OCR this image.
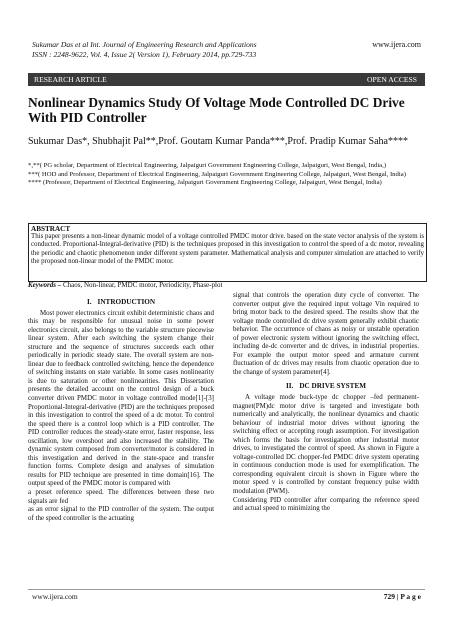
Sukumar Das et al Int. Journal of Engineering Research and Applications
ISSN : 2248-9622, Vol. 4, Issue 2( Version 1), February 2014, pp.729-733
www.ijera.com
RESEARCH ARTICLE	OPEN ACCESS
Nonlinear Dynamics Study Of Voltage Mode Controlled DC Drive With PID Controller
Sukumar Das*, Shubhajit Pal**,Prof. Goutam Kumar Panda***,Prof. Pradip Kumar Saha****
*,**( PG scholar, Department of Electrical Engineering, Jalpaiguri Government Engineering College, Jalpaiguri, West Bengal, India,)
***( HOD and Professor, Department of Electrical Engineering, Jalpaiguri Government Engineering College, Jalpaiguri, West Bengal, India)
**** (Professor, Department of Electrical Engineering, Jalpaiguri Government Engineering College, Jalpaiguri, West Bengal, India)
ABSTRACT
This paper presents a non-linear dynamic model of a voltage controlled PMDC motor drive. based on the state vector analysis of the system is conducted. Proportional-Integral-derivative (PID) is the techniques proposed in this investigation to control the speed of a dc motor, revealing the periodic and chaotic phenomenon under different system parameter. Mathematical analysis and computer simulation are attached to verify the proposed non-linear model of the PMDC motor.
Keywords – Chaos, Non-linear, PMDC motor, Periodicity, Phase-plot
I. INTRODUCTION

Most power electronics circuit exhibit deterministic chaos and this may be responsible for unusual noise in some power electronics circuit, also belongs to the variable structure piecewise linear system. After each switching the system change their structure and the sequence of structures succeeds each other periodically in periodic steady state. The overall system are non-linear due to feedback controlled switching, hence the dependence of switching instants on state variable. In some cases nonlinearity is due to saturation or other nonlinearities. This Dissertation presents the detailed account on the control design of a buck converter driven PMDC motor in voltage controlled mode[1]-[3] Proportional-Integral-derivative (PID) are the techniques proposed in this investigation to control the speed of a dc motor. To control the speed there is a control loop which is a PID controller. The PID controller reduces the steady-state error, faster response, less oscillation, low overshoot and also increased the stability. The dynamic system composed from converter/motor is considered in this investigation and derived in the state-space and transfer function forms. Complete design and analyses of simulation results for PID technique are presented in time domain[16]. The output speed of the PMDC motor is compared with

a preset reference speed. The differences between these two signals are fed

as an error signal to the PID controller of the system. The output of the speed controller is the actuating

signal that controls the operation duty cycle of converter. The converter output give the required input voltage Vin required to bring motor back to the desired speed. The results show that the voltage mode controlled dc drive system generally exhibit chaotic behavior. The occurrence of chaos as noisy or unstable operation of power electronic system without ignoring the switching effect, including de-dc converter and dc drives, in industrial properties. For example the output motor speed and armature current fluctuation of dc drives may results from chaotic operation due to the change of system parameter[4].

II. DC DRIVE SYSTEM

A voltage mode buck-type dc chopper –fed permanent-magnet(PM)dc motor drive is targeted and investigate both numerically and analytically, the nonlinear dynamics and chaotic behaviour of industrial motor drives without ignoring the switching effect or accepting rough assumption. For investigation which forms the basis for investigation other industrial motor drives, to investigated the control of speed. As shown in Figure a voltage-controlled DC chopper-fed PMDC drive system operating in continuous conduction mode is used for exemplification. The corresponding equivalent circuit is shown in Figure where the motor speed v is controlled by constant frequency pulse width modulation (PWM).

Considering PID controller after comparing the reference speed and actual speed to minimizing the

www.ijera.com	729 | P a g e
